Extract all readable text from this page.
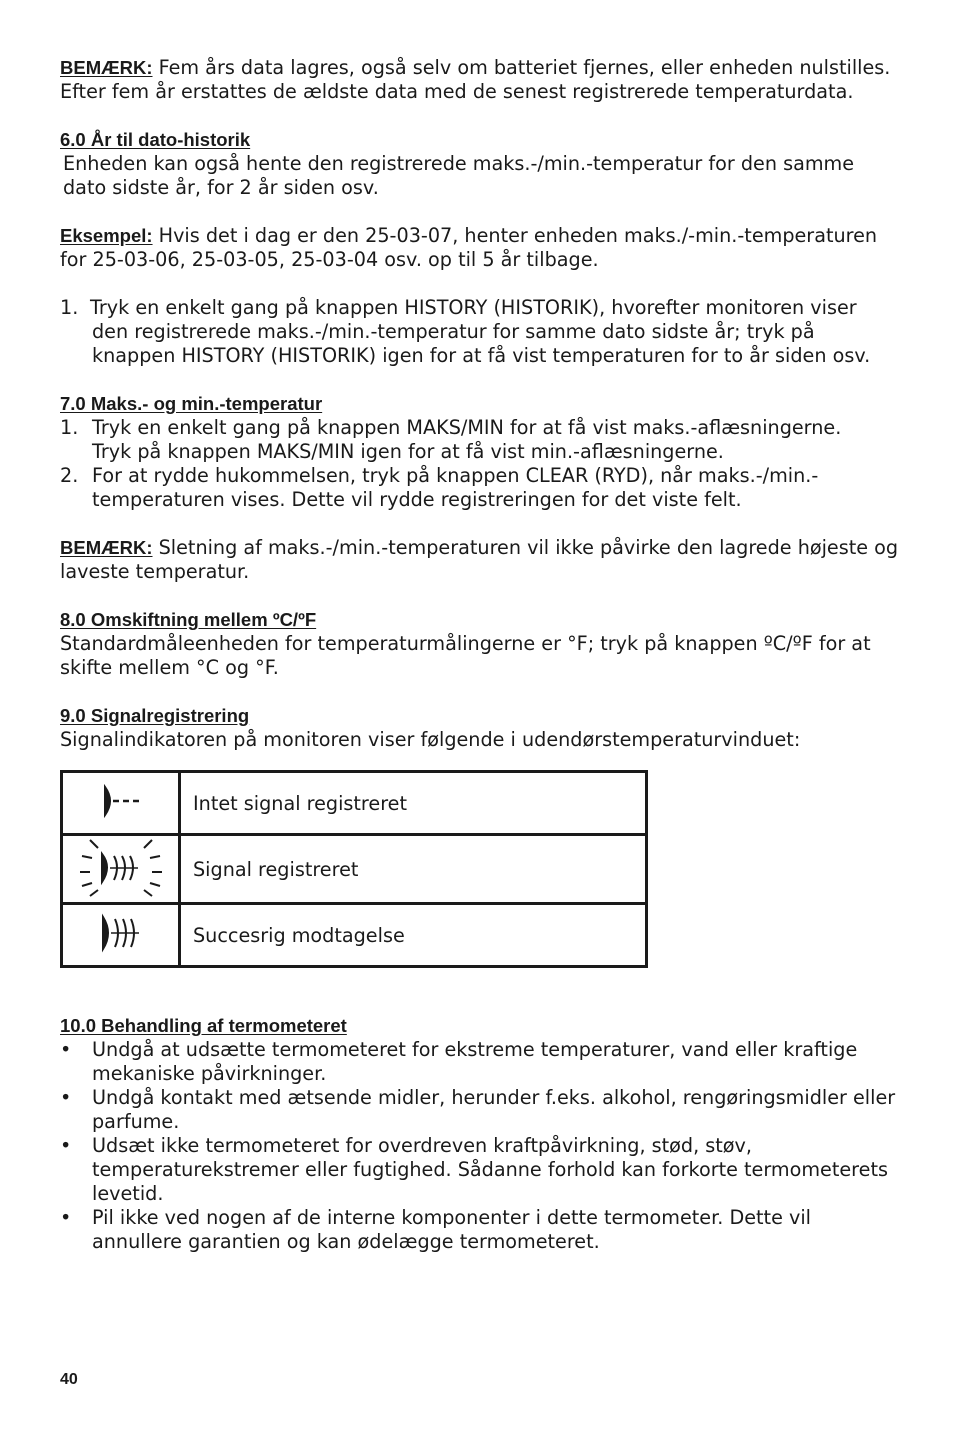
BEMÆRK: Fem års data lagres, også selv om batteriet fjernes, eller enheden nulstilles.

Efter fem år erstattes de ældste data med de senest registrerede temperaturdata.

6.0 År til dato-historik

Enheden kan også hente den registrerede maks.-/min.-temperatur for den samme

dato sidste år, for 2 år siden osv.

Eksempel: Hvis det i dag er den 25-03-07, henter enheden maks./-min.-temperaturen

for 25-03-06, 25-03-05, 25-03-04 osv. op til 5 år tilbage.

1. Tryk en enkelt gang på knappen HISTORY (HISTORIK), hvorefter monitoren viser
den registrerede maks.-/min.-temperatur for samme dato sidste år; tryk på
knappen HISTORY (HISTORIK) igen for at få vist temperaturen for to år siden osv.

7.0 Maks.- og min.-temperatur

1. Tryk en enkelt gang på knappen MAKS/MIN for at få vist maks.-aflæsningerne.
Tryk på knappen MAKS/MIN igen for at få vist min.-aflæsningerne.
2. For at rydde hukommelsen, tryk på knappen CLEAR (RYD), når maks.-/min.-
temperaturen vises. Dette vil rydde registreringen for det viste felt.

BEMÆRK: Sletning af maks.-/min.-temperaturen vil ikke påvirke den lagrede højeste og

laveste temperatur.

8.0 Omskiftning mellem ºC/ºF

Standardmåleenheden for temperaturmålingerne er °F; tryk på knappen ºC/ºF for at

skifte mellem °C og °F.

9.0 Signalregistrering

Signalindikatoren på monitoren viser følgende i udendørstemperaturvinduet:

	Intet signal registreret
	Signal registreret
	Succesrig modtagelse

10.0 Behandling af termometeret

• Undgå at udsætte termometeret for ekstreme temperaturer, vand eller kraftige
mekaniske påvirkninger.
• Undgå kontakt med ætsende midler, herunder f.eks. alkohol, rengøringsmidler eller
parfume.
• Udsæt ikke termometeret for overdreven kraftpåvirkning, stød, støv,
temperaturekstremer eller fugtighed. Sådanne forhold kan forkorte termometerets
levetid.
• Pil ikke ved nogen af de interne komponenter i dette termometer. Dette vil
annullere garantien og kan ødelægge termometeret.
40
